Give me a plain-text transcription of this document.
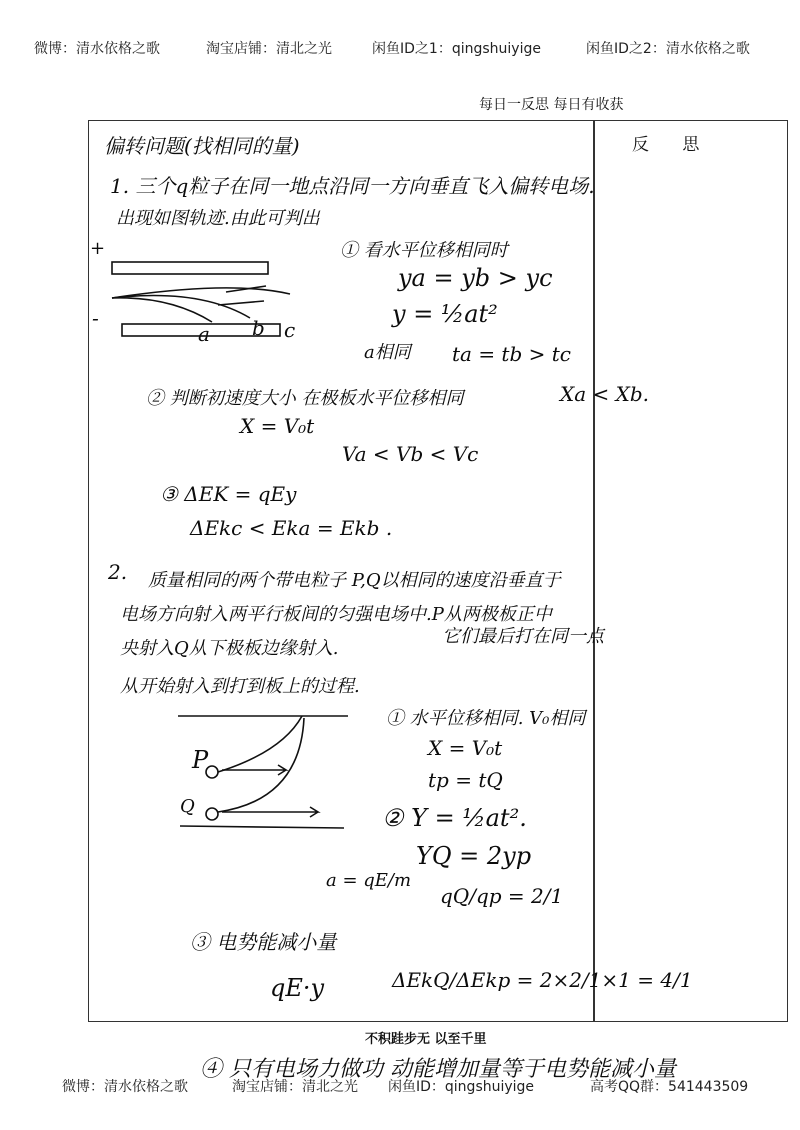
微博：清水依格之歌	淘宝店铺：清北之光	闲鱼ID之1：qingshuiyige	闲鱼ID之2：清水依格之歌
每日一反思 每日有收获
反 思
偏转问题(找相同的量)
1. 三个q粒子在同一地点沿同一方向垂直飞入偏转电场.
出现如图轨迹.由此可判出
+
-
a b c
① 看水平位移相同时
ya = yb > yc
y = ½at²
a相同 ta = tb > tc
② 判断初速度大小 在极板水平位移相同	Xa < Xb.
X = V₀t
Va < Vb < Vc
③ ΔEK = qEy
ΔEkc < Eka = Ekb .
2. 质量相同的两个带电粒子 P,Q以相同的速度沿垂直于
电场方向射入两平行板间的匀强电场中.P从两极板正中
央射入Q从下极板边缘射入.
它们最后打在同一点
从开始射入到打到板上的过程.
P
Q
① 水平位移相同. V₀相同
X = V₀t
tp = tQ
② Y = ½at².
YQ = 2yp
a = qE/m
qQ/qp = 2/1
③ 电势能减小量
qE·y	ΔEkQ/ΔEkp = 2×2/1×1 = 4/1
不积跬步无 以至千里
④ 只有电场力做功 动能增加量等于电势能减小量
微博：清水依格之歌	淘宝店铺：清北之光 闲鱼ID：qingshuiyige	高考QQ群：541443509
